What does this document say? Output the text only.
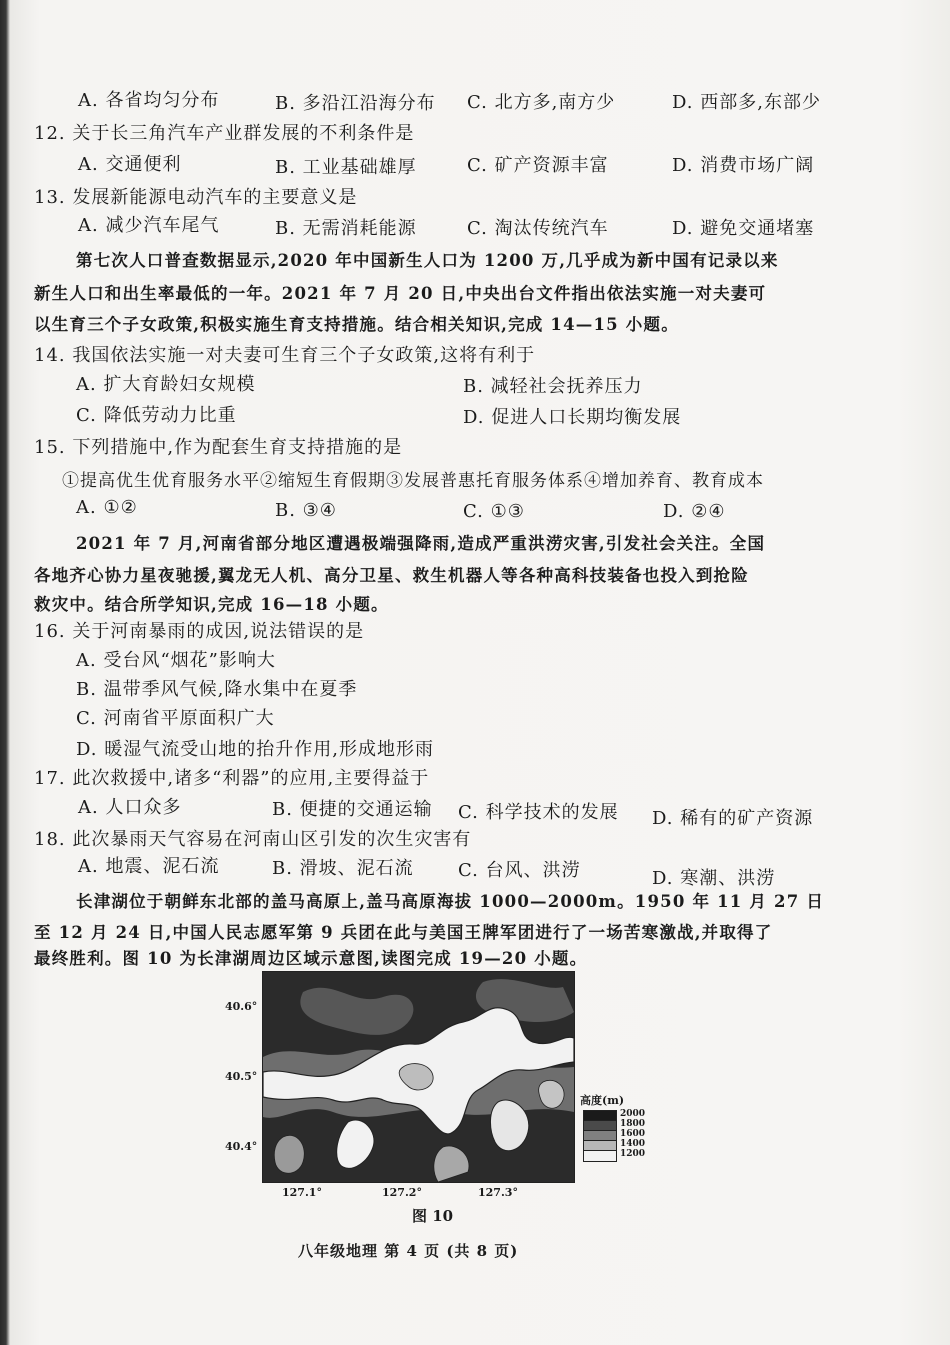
A. 各省均匀分布	B. 多沿江沿海分布 C. 北方多,南方少	D. 西部多,东部少
12. 关于长三角汽车产业群发展的不利条件是
A. 交通便利	B. 工业基础雄厚	C. 矿产资源丰富	D. 消费市场广阔
13. 发展新能源电动汽车的主要意义是
A. 减少汽车尾气	B. 无需消耗能源	C. 淘汰传统汽车	D. 避免交通堵塞
第七次人口普查数据显示,2020 年中国新生人口为 1200 万,几乎成为新中国有记录以来
新生人口和出生率最低的一年。2021 年 7 月 20 日,中央出台文件指出依法实施一对夫妻可
以生育三个子女政策,积极实施生育支持措施。结合相关知识,完成 14—15 小题。
14. 我国依法实施一对夫妻可生育三个子女政策,这将有利于
A. 扩大育龄妇女规模	B. 减轻社会抚养压力
C. 降低劳动力比重	D. 促进人口长期均衡发展
15. 下列措施中,作为配套生育支持措施的是
①提高优生优育服务水平②缩短生育假期③发展普惠托育服务体系④增加养育、教育成本
A. ①②	B. ③④	C. ①③	D. ②④
2021 年 7 月,河南省部分地区遭遇极端强降雨,造成严重洪涝灾害,引发社会关注。全国
各地齐心协力星夜驰援,翼龙无人机、高分卫星、救生机器人等各种高科技装备也投入到抢险
救灾中。结合所学知识,完成 16—18 小题。
16. 关于河南暴雨的成因,说法错误的是
A. 受台风“烟花”影响大
B. 温带季风气候,降水集中在夏季
C. 河南省平原面积广大
D. 暖湿气流受山地的抬升作用,形成地形雨
17. 此次救援中,诸多“利器”的应用,主要得益于
A. 人口众多	B. 便捷的交通运输 C. 科学技术的发展 D. 稀有的矿产资源
18. 此次暴雨天气容易在河南山区引发的次生灾害有
A. 地震、泥石流	B. 滑坡、泥石流 C. 台风、洪涝	D. 寒潮、洪涝
长津湖位于朝鲜东北部的盖马高原上,盖马高原海拔 1000—2000m。1950 年 11 月 27 日
至 12 月 24 日,中国人民志愿军第 9 兵团在此与美国王牌军团进行了一场苦寒激战,并取得了
最终胜利。图 10 为长津湖周边区域示意图,读图完成 19—20 小题。
40.6°
40.5°
40.4°
127.1°	127.2°	127.3°
高度(m)
2000
1800
1600
1400
1200
图 10
八年级地理 第 4 页 (共 8 页)
